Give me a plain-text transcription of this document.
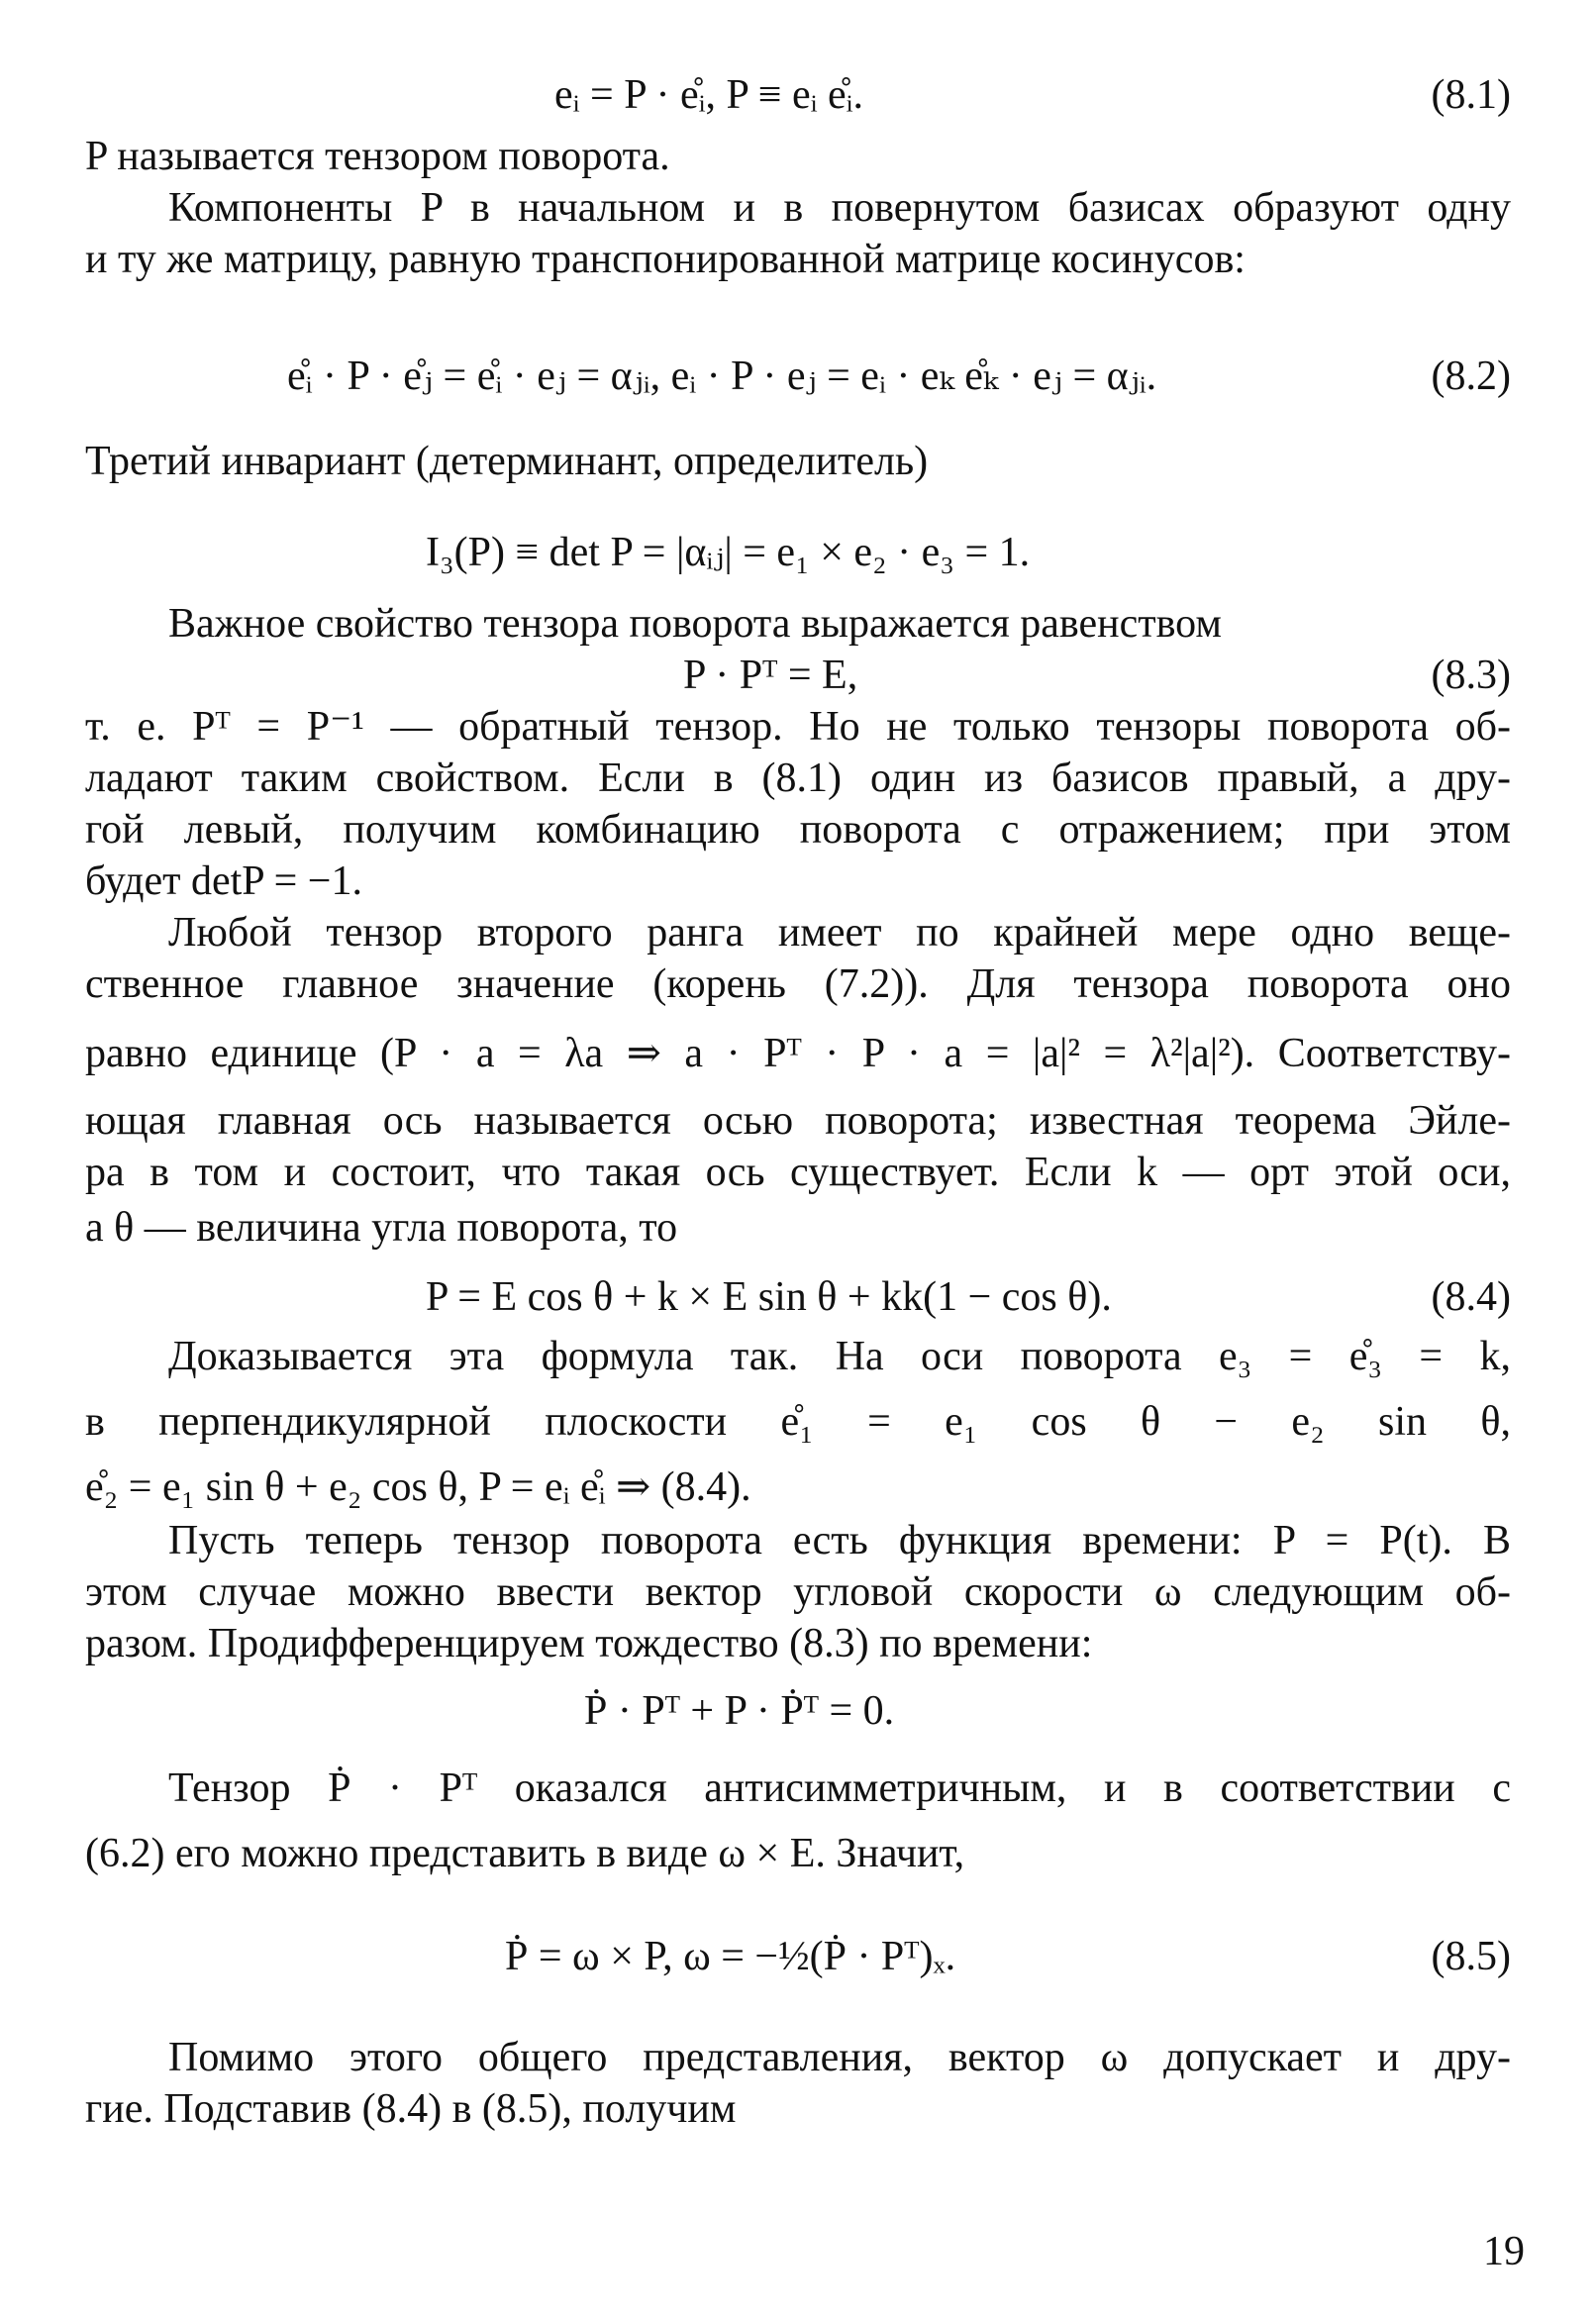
eᵢ = P · e̊ᵢ, P ≡ eᵢ e̊ᵢ.	(8.1)
P называется тензором поворота.
Компоненты P в начальном и в повернутом базисах образуют одну
и ту же матрицу, равную транспонированной матрице косинусов:
e̊ᵢ · P · e̊ⱼ = e̊ᵢ · eⱼ = αⱼᵢ, eᵢ · P · eⱼ = eᵢ · eₖ e̊ₖ · eⱼ = αⱼᵢ.	(8.2)
Третий инвариант (детерминант, определитель)
I₃(P) ≡ det P = |αᵢⱼ| = e₁ × e₂ · e₃ = 1.
Важное свойство тензора поворота выражается равенством
P · Pᵀ = E,	(8.3)
т. е. Pᵀ = P⁻¹ — обратный тензор. Но не только тензоры поворота об-
ладают таким свойством. Если в (8.1) один из базисов правый, а дру-
гой левый, получим комбинацию поворота с отражением; при этом
будет detP = −1.
Любой тензор второго ранга имеет по крайней мере одно веще-
ственное главное значение (корень (7.2)). Для тензора поворота оно
равно единице (P · a = λa ⇒ a · Pᵀ · P · a = |a|² = λ²|a|²). Соответству-
ющая главная ось называется осью поворота; известная теорема Эйле-
ра в том и состоит, что такая ось существует. Если k — орт этой оси,
а θ — величина угла поворота, то
P = E cos θ + k × E sin θ + kk(1 − cos θ).	(8.4)
Доказывается эта формула так. На оси поворота e₃ = e̊₃ = k,
в перпендикулярной плоскости e̊₁ = e₁ cos θ − e₂ sin θ,
e̊₂ = e₁ sin θ + e₂ cos θ, P = eᵢ e̊ᵢ ⇒ (8.4).
Пусть теперь тензор поворота есть функция времени: P = P(t). В
этом случае можно ввести вектор угловой скорости ω следующим об-
разом. Продифференцируем тождество (8.3) по времени:
Ṗ · Pᵀ + P · Ṗᵀ = 0.
Тензор Ṗ · Pᵀ оказался антисимметричным, и в соответствии с
(6.2) его можно представить в виде ω × E. Значит,
Ṗ = ω × P, ω = −½(Ṗ · Pᵀ)ₓ.	(8.5)
Помимо этого общего представления, вектор ω допускает и дру-
гие. Подставив (8.4) в (8.5), получим
19
